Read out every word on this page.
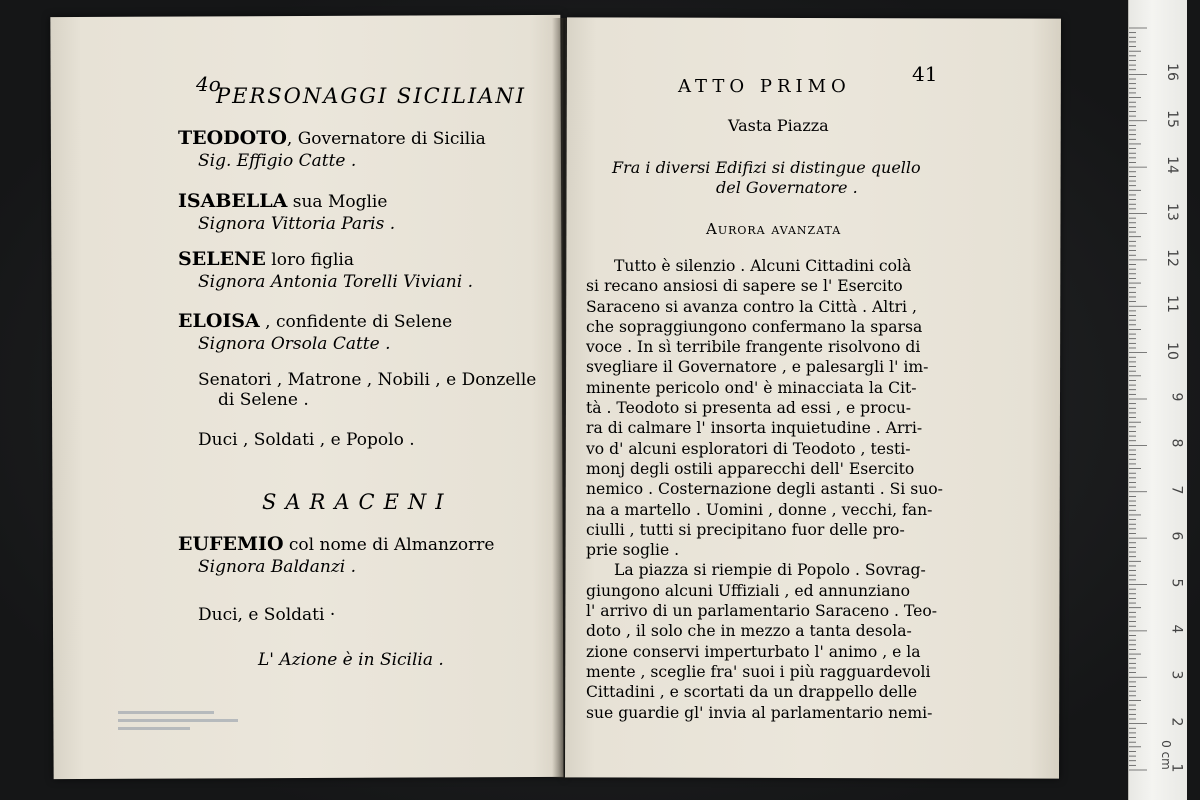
4o
PERSONAGGI SICILIANI
TEODOTO, Governatore di Sicilia
Sig. Effigio Catte .
ISABELLA sua Moglie
Signora Vittoria Paris .
SELENE loro figlia
Signora Antonia Torelli Viviani .
ELOISA , confidente di Selene
Signora Orsola Catte .
Senatori , Matrone , Nobili , e Donzelle
di Selene .
Duci , Soldati , e Popolo .
SARACENI
EUFEMIO col nome di Almanzorre
Signora Baldanzi .
Duci, e Soldati ·
L' Azione è in Sicilia .
41
ATTO PRIMO
Vasta Piazza
Fra i diversi Edifizi si distingue quello
del Governatore .
Aurora avanzata
Tutto è silenzio . Alcuni Cittadini colà
si recano ansiosi di sapere se l' Esercito
Saraceno si avanza contro la Città . Altri ,
che sopraggiungono confermano la sparsa
voce . In sì terribile frangente risolvono di
svegliare il Governatore , e palesargli l' im-
minente pericolo ond' è minacciata la Cit-
tà . Teodoto si presenta ad essi , e procu-
ra di calmare l' insorta inquietudine . Arri-
vo d' alcuni esploratori di Teodoto , testi-
monj degli ostili apparecchi dell' Esercito
nemico . Costernazione degli astanti . Si suo-
na a martello . Uomini , donne , vecchi, fan-
ciulli , tutti si precipitano fuor delle pro-
prie soglie .
La piazza si riempie di Popolo . Sovrag-
giungono alcuni Uffiziali , ed annunziano
l' arrivo di un parlamentario Saraceno . Teo-
doto , il solo che in mezzo a tanta desola-
zione conservi imperturbato l' animo , e la
mente , sceglie fra' suoi i più ragguardevoli
Cittadini , e scortati da un drappello delle
sue guardie gl' invia al parlamentario nemi-
16
15
14
13
12
11
10
9
8
7
6
5
4
3
2
1
0 cm
